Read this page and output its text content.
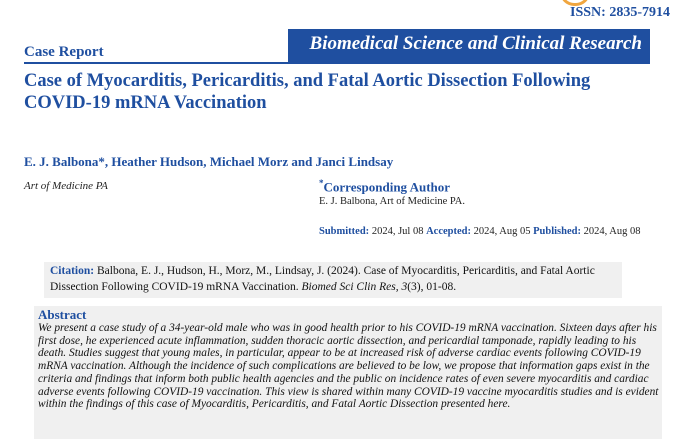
ISSN: 2835-7914
Case Report	Biomedical Science and Clinical Research
Case of Myocarditis, Pericarditis, and Fatal Aortic Dissection Following COVID-19 mRNA Vaccination
E. J. Balbona*, Heather Hudson, Michael Morz and Janci Lindsay
Art of Medicine PA	*Corresponding Author
E. J. Balbona, Art of Medicine PA.
Submitted: 2024, Jul 08 Accepted: 2024, Aug 05 Published: 2024, Aug 08
Citation: Balbona, E. J., Hudson, H., Morz, M., Lindsay, J. (2024). Case of Myocarditis, Pericarditis, and Fatal Aortic Dissection Following COVID-19 mRNA Vaccination. Biomed Sci Clin Res, 3(3), 01-08.
Abstract

We present a case study of a 34-year-old male who was in good health prior to his COVID-19 mRNA vaccination. Sixteen days after his first dose, he experienced acute inflammation, sudden thoracic aortic dissection, and pericardial tamponade, rapidly leading to his death. Studies suggest that young males, in particular, appear to be at increased risk of adverse cardiac events following COVID-19 mRNA vaccination. Although the incidence of such complications are believed to be low, we propose that information gaps exist in the criteria and findings that inform both public health agencies and the public on incidence rates of even severe myocarditis and cardiac adverse events following COVID-19 vaccination. This view is shared within many COVID-19 vaccine myocarditis studies and is evident within the findings of this case of Myocarditis, Pericarditis, and Fatal Aortic Dissection presented here.
